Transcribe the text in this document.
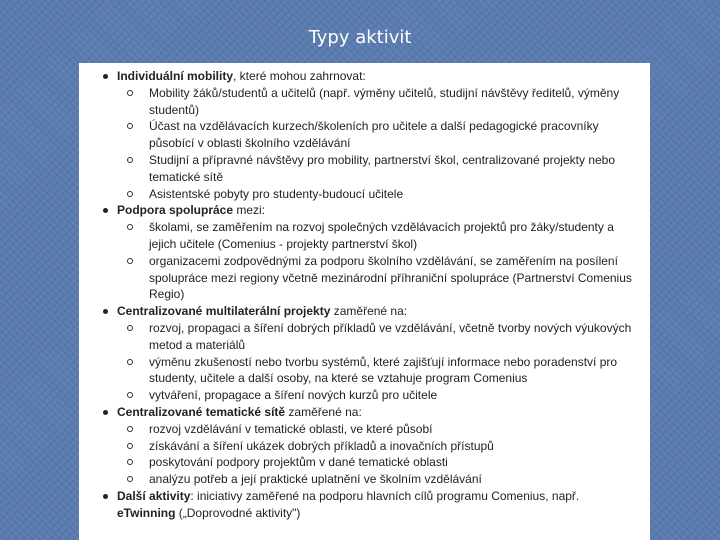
Typy aktivit
Individuální mobility, které mohou zahrnovat:
Mobility žáků/studentů a učitelů (např. výměny učitelů, studijní návštěvy ředitelů, výměny studentů)
Účast na vzdělávacích kurzech/školeních pro učitele a další pedagogické pracovníky působící v oblasti školního vzdělávání
Studijní a přípravné návštěvy pro mobility, partnerství škol, centralizované projekty nebo tematické sítě
Asistentské pobyty pro studenty-budoucí učitele
Podpora spolupráce mezi:
školami, se zaměřením na rozvoj společných vzdělávacích projektů pro žáky/studenty a jejich učitele (Comenius - projekty partnerství škol)
organizacemi zodpovědnými za podporu školního vzdělávání, se zaměřením na posílení spolupráce mezi regiony včetně mezinárodní příhraniční spolupráce (Partnerství Comenius Regio)
Centralizované multilaterální projekty zaměřené na:
rozvoj, propagaci a šíření dobrých příkladů ve vzdělávání, včetně tvorby nových výukových metod a materiálů
výměnu zkušeností nebo tvorbu systémů, které zajišťují informace nebo poradenství pro studenty, učitele a další osoby, na které se vztahuje program Comenius
vytváření, propagace a šíření nových kurzů pro učitele
Centralizované tematické sítě zaměřené na:
rozvoj vzdělávání v tematické oblasti, ve které působí
získávání a šíření ukázek dobrých příkladů a inovačních přístupů
poskytování podpory projektům v dané tematické oblasti
analýzu potřeb a její praktické uplatnění ve školním vzdělávání
Další aktivity: iniciativy zaměřené na podporu hlavních cílů programu Comenius, např.
eTwinning („Doprovodné aktivity")
